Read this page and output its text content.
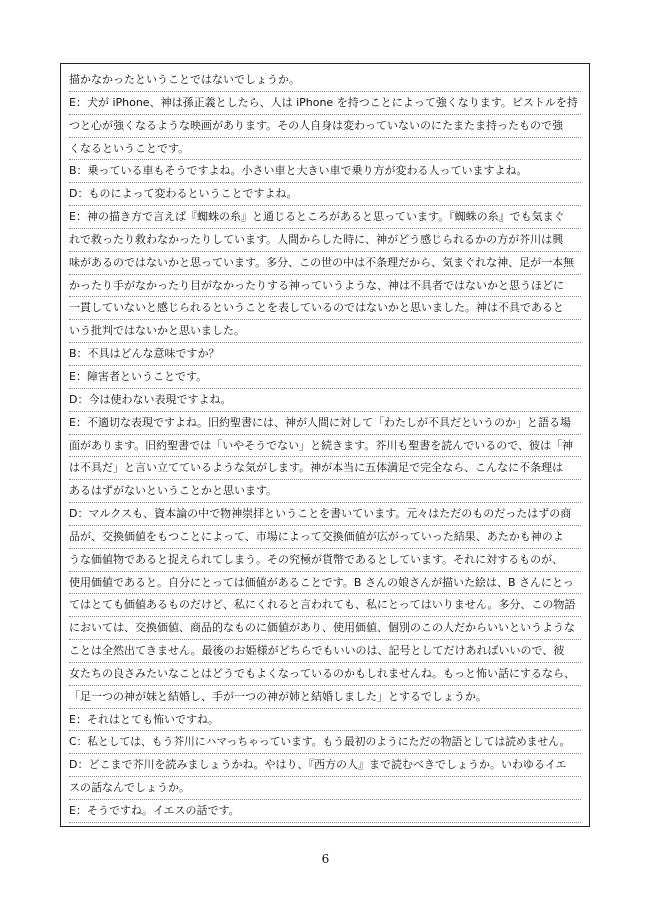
描かなかったということではないでしょうか。
E：犬が iPhone、神は孫正義としたら、人は iPhone を持つことによって強くなります。ピストルを持
つと心が強くなるような映画があります。その人自身は変わっていないのにたまたま持ったもので強
くなるということです。
B：乗っている車もそうですよね。小さい車と大きい車で乗り方が変わる人っていますよね。
D：ものによって変わるということですよね。
E：神の描き方で言えば『蜘蛛の糸』と通じるところがあると思っています。『蜘蛛の糸』でも気まぐ
れで救ったり救わなかったりしています。人間からした時に、神がどう感じられるかの方が芥川は興
味があるのではないかと思っています。多分、この世の中は不条理だから、気まぐれな神、足が一本無
かったり手がなかったり目がなかったりする神っていうような、神は不具者ではないかと思うほどに
一貫していないと感じられるということを表しているのではないかと思いました。神は不具であると
いう批判ではないかと思いました。
B：不具はどんな意味ですか？
E：障害者ということです。
D：今は使わない表現ですよね。
E：不適切な表現ですよね。旧約聖書には、神が人間に対して「わたしが不具だというのか」と語る場
面があります。旧約聖書では「いやそうでない」と続きます。芥川も聖書を読んでいるので、彼は「神
は不具だ」と言い立てているような気がします。神が本当に五体満足で完全なら、こんなに不条理は
あるはずがないということかと思います。
D：マルクスも、資本論の中で物神崇拝ということを書いています。元々はただのものだったはずの商
品が、交換価値をもつことによって、市場によって交換価値が広がっていった結果、あたかも神のよ
うな価値物であると捉えられてしまう。その究極が貨幣であるとしています。それに対するものが、
使用価値であると。自分にとっては価値があることです。B さんの娘さんが描いた絵は、B さんにとっ
てはとても価値あるものだけど、私にくれると言われても、私にとってはいりません。多分、この物語
においては、交換価値、商品的なものに価値があり、使用価値、個別のこの人だからいいというような
ことは全然出てきません。最後のお姫様がどちらでもいいのは、記号としてだけあればいいので、彼
女たちの良さみたいなことはどうでもよくなっているのかもしれませんね。もっと怖い話にするなら、
「足一つの神が妹と結婚し、手が一つの神が姉と結婚しました」とするでしょうか。
E：それはとても怖いですね。
C：私としては、もう芥川にハマっちゃっています。もう最初のようにただの物語としては読めません。
D：どこまで芥川を読みましょうかね。やはり、『西方の人』まで読むべきでしょうか。いわゆるイエ
スの話なんでしょうか。
E：そうですね。イエスの話です。
6
